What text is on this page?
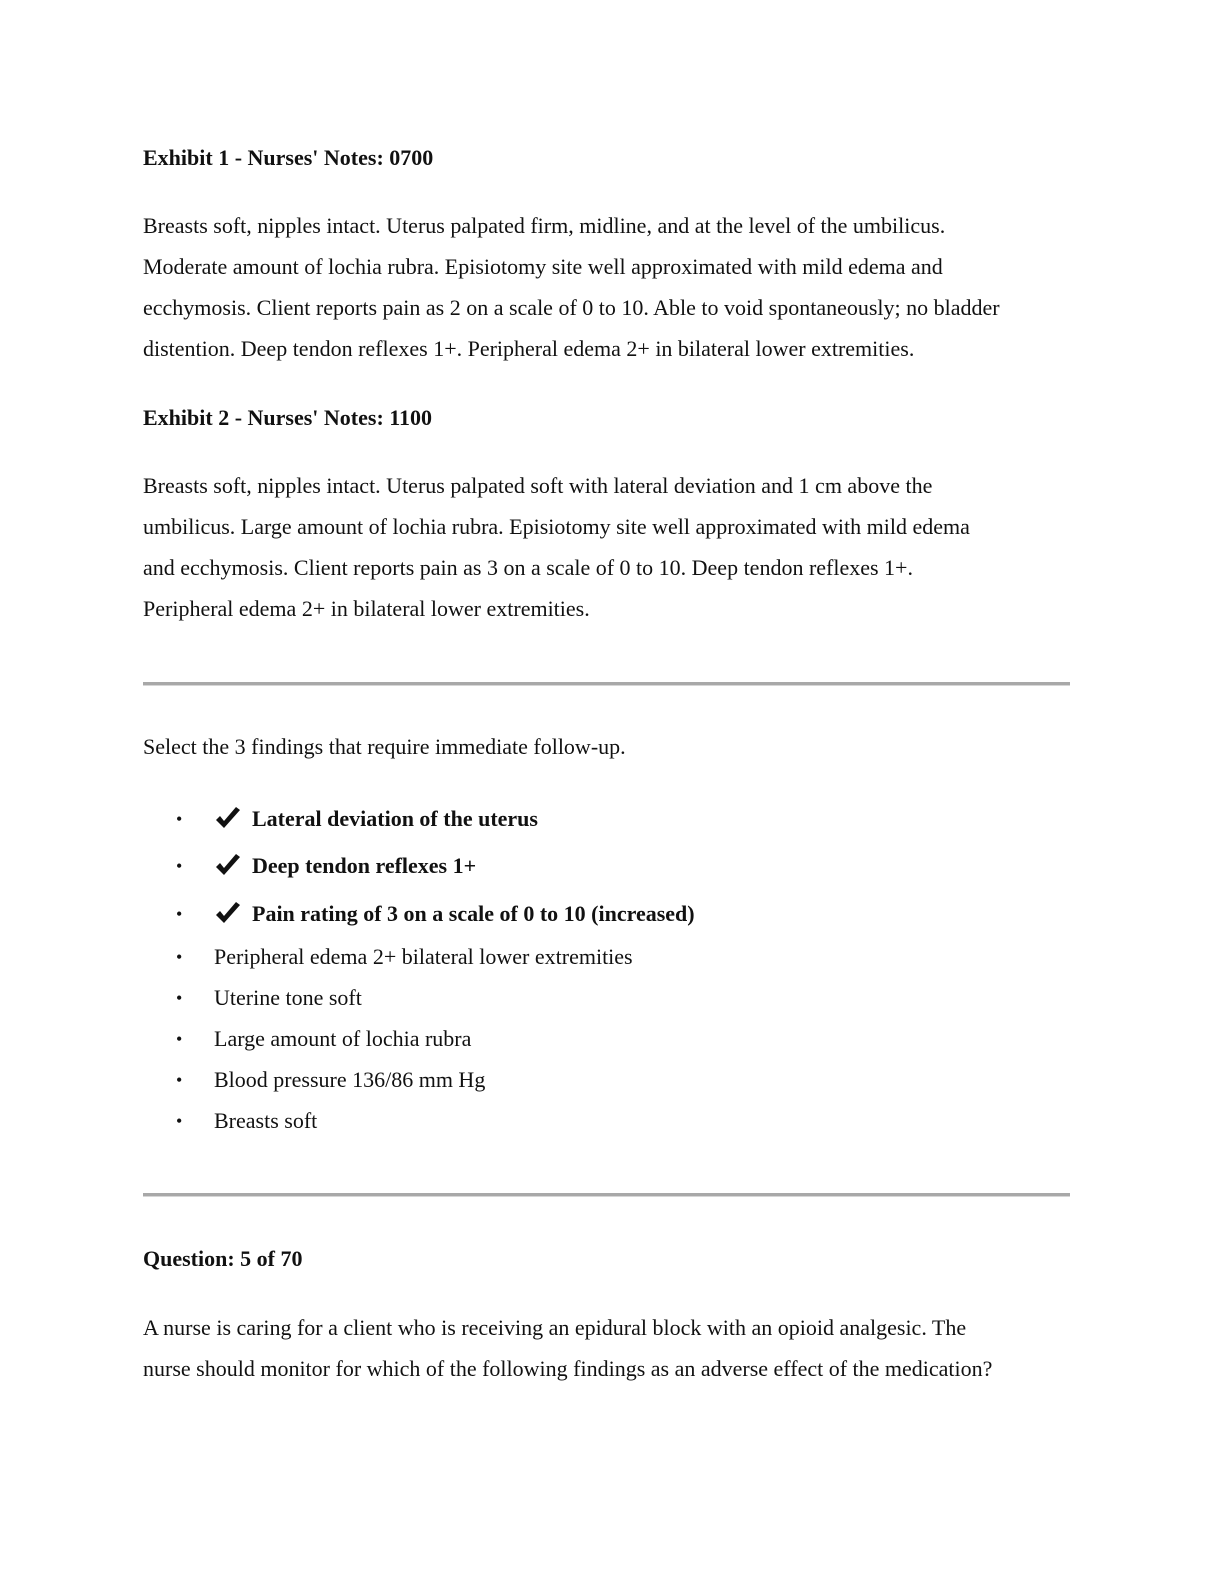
Exhibit 1 - Nurses' Notes: 0700

Breasts soft, nipples intact. Uterus palpated firm, midline, and at the level of the umbilicus.
Moderate amount of lochia rubra. Episiotomy site well approximated with mild edema and
ecchymosis. Client reports pain as 2 on a scale of 0 to 10. Able to void spontaneously; no bladder
distention. Deep tendon reflexes 1+. Peripheral edema 2+ in bilateral lower extremities.

Exhibit 2 - Nurses' Notes: 1100

Breasts soft, nipples intact. Uterus palpated soft with lateral deviation and 1 cm above the
umbilicus. Large amount of lochia rubra. Episiotomy site well approximated with mild edema
and ecchymosis. Client reports pain as 3 on a scale of 0 to 10. Deep tendon reflexes 1+.
Peripheral edema 2+ in bilateral lower extremities.

Select the 3 findings that require immediate follow-up.

•	Lateral deviation of the uterus
•	Deep tendon reflexes 1+
•	Pain rating of 3 on a scale of 0 to 10 (increased)
• Peripheral edema 2+ bilateral lower extremities
• Uterine tone soft
• Large amount of lochia rubra
• Blood pressure 136/86 mm Hg
• Breasts soft
Question: 5 of 70

A nurse is caring for a client who is receiving an epidural block with an opioid analgesic. The
nurse should monitor for which of the following findings as an adverse effect of the medication?
